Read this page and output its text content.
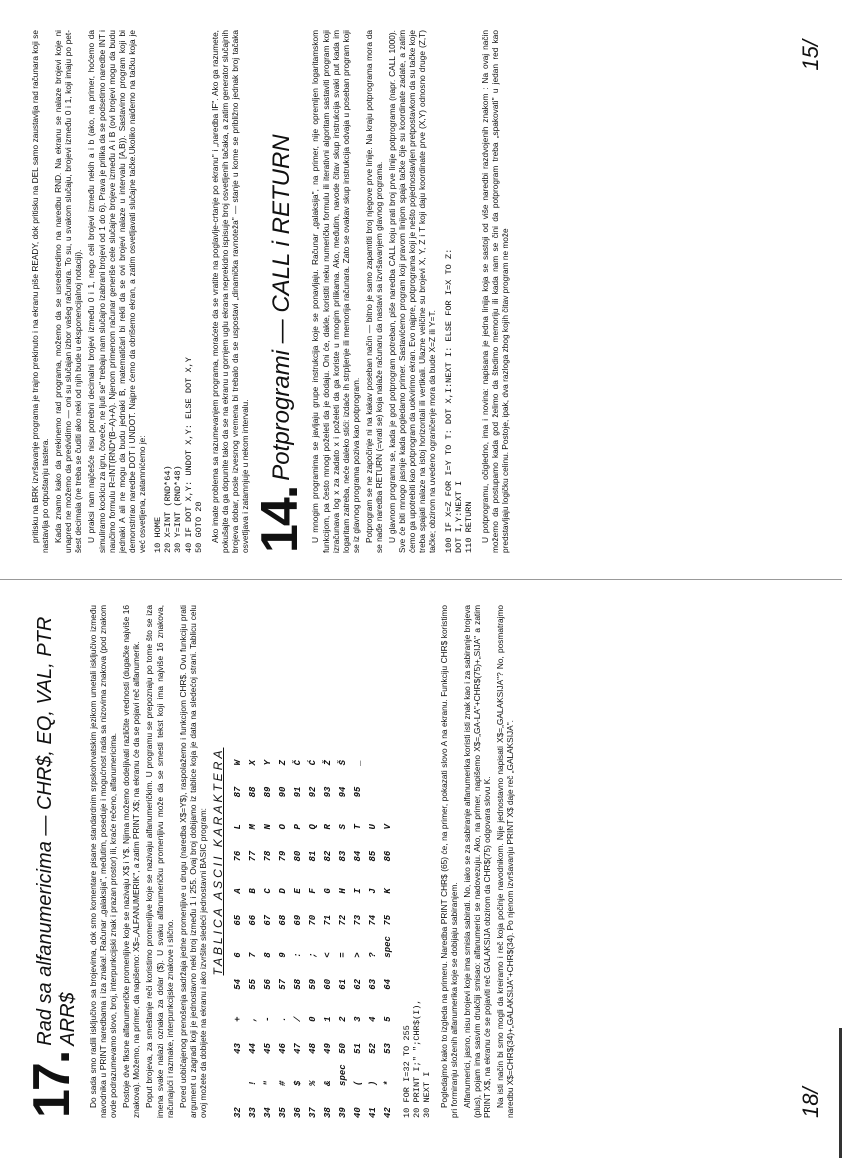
17.
Rad sa alfanumericima — CHR$, EQ, VAL, PTR ARR$ Do sada smo radili isključivo sa brojevima, dok smo komentare pisane standardnim srpskohrvatskim jezikom umetali isključivo između navodnika u PRINT naredbama i iza znaka!. Računar „galaksija", međutim, poseduje i mogućnost rada sa nizovima znakova (pod znakom ovde podrazumevamo slovo, broj, interpunkcijski znak i prazan prostor) ili, kraće rečeno, alfanumericima. Postoje dve fiksne alfanumeričke promenljive koje se nazivaju X$ i Y$. Njima možemo dodeljivati različite vrednosti (dugačke najviše 16 znakova). Možemo, na primer, da napišemo: X$=„ALFANUMERIK", a zatim PRINT X$; na ekranu će da se pojavi reč alfanumerik. Poput brojeva, za smeštanje reči koristimo promenljive koje se nazivaju alfanumeričkim. U programu se prepoznaju po tome što se iza imena svake nalazi oznaka za dolar ($). U svaku alfanumeričku promenljivu može da se smesti tekst koji ima najviše 16 znakova, računajući i razmake, interpunkcijske znakove i slično. Pored uobičajenog prenošenja sadržaja jedne promenljive u drugu (naredba X$=Y$), raspolažemo i funkcijom CHR$. Ovu funkciju prati argument u zagradi koji je jednostavno neki broj između 1 i 255. Ovaj broj dobijamo iz tablice koja je data na sledećoj strani. Tablicu celu ovoj možete da dobijete na ekranu i ako izvršite sledeći jednostavni BASIC program: TABLICA ASCII KARAKTERA
32		43	+	54	6	65	A	76	L	87	W				
33	!	44	,	55	7	66	B	77	M	88	X				
34	"	45	-	56	8	67	C	78	N	89	Y				
35	#	46	.	57	9	68	D	79	O	90	Z				
36	$	47	/	58	:	69	E	80	P	91	Č				
37	%	48	0	59	;	70	F	81	Q	92	Ć				
38	&	49	1	60	<	71	G	82	R	93	Ž				
39	spec	50	2	61	=	72	H	83	S	94	Š				
40	(	51	3	62	>	73	I	84	T	95	_				
41	)	52	4	63	?	74	J	85	U						
42	*	53	5	64	spec	75	K	86	V						
10 FOR I=32 TO 255 20 PRINT I;" ";CHR$(I), 30 NEXT I Pogledajmo kako to izgleda na primeru. Naredba PRINT CHR$ (65) će, na primer, pokazati slovo A na ekranu. Funkciju CHR$ koristimo pri formiranju složenih alfanumerika koje se dobijaju sabiranjem. Alfanumerici, jasno, nisu brojevi koje ima smisla sabirati. No, iako se za sabiranje alfanumerika koristi isti znak kao i za sabiranje brojeva (plus), pojam ima sasvim drukčiji smisao: alfanumerici se nadovezuju. Ako, na primer, napišemo X$=„GA-LA"+CHR$(75)+„SIJA" a zatim PRINT X$, na ekranu će se pojaviti reč GALAKSIJA obzirom da CHR$(75) odgovara slovu K. Na isti način bi smo mogli da kreiramo i reč koja počinje navodnikom. Nije jednostavno napisati X$=„GALAKSIJA"? No, posmatrajmo naredbu X$=CHR$(34)+„GALAKSIJA"+CHR$(34). Po njenom izvršavanju PRINT X$ daje reč „GALAKSIJA".	18/

pritisku na BRK izvršavanje programa je trajno prekinuto i na ekranu piše READY, dok pritisku na DEL samo zaustavlja rad računara koji se nastavlja po otpuštanju tastera. Kada znamo kako da prekinemo rad programa, možemo da se usredsredimo na naredbu RND. Na ekranu se nalaze brojevi koje ni unapred ne možemo da predvidimo — oni su slučajan izbor vašeg računara. To su, u svakom slučaju, brojevi između 0 i 1, koji imaju po pet-šest decimala (ne treba se čuditi ako neki od njih bude u eksponencijalnoj notaciji). U praksi nam najčešće nisu potrebni decimalni brojevi između 0 i 1, nego celi brojevi između nekih a i b (ako, na primer, hoćemo da simuliramo kockicu za igru, čoveče, ne ljuti se" trebaju nam slučajno izabrani brojevi od 1 do 6). Prava je prilika da se podsetimo naredbe INT i naučimo formulu R=INT(RND*(B−A)+A). Njenom primenom računar generiše cele slučajne brojeve između A i B (ovi brojevi mogu da budu jednaki A ali ne mogu da budu jednaki B, matematičari bi rekli da se ovi brojevi nalaze u intervalu [A,B)). Sastavimo program koji bi demonstrirao naredbe DOT i UNDOT. Najpre ćemo da obrišemo ekran, a zatim osvetljavati slučajne tačke.Ukoliko naiđemo na tačku koja je već osvetljena, zatamnićemo je: 10 HOME 20 X=INT (RND*64) 30 Y=INT (RND*48) 40 IF DOT X,Y: UNDOT X,Y: ELSE DOT X,Y 50 GOTO 20 Ako imate problema sa razumevanjem programa, moraćete da se vratite na poglavlje-crtanje po ekranu" i „naredba IF". Ako ga razumete, pokušajte da ga dopunite tako da se na ekranu u gornjem uglu ekrana neprekidno ispisuje broj osvetljenih tačaka, a zatim generator slučajnih brojeva dobar, posle izvesnog vremena bi trebalo da se uspostavi „dinamička ravnoteža" — stanje u kome se približno jednak broj tačaka osvetljava i zatamnjuje u nekom intervalu. 14.
Potprogrami — CALL i RETURN U mnogim programima se javljaju grupe instrukcija koje se ponavljaju. Računar „galaksija", na primer, nije opremljen logaritamskom funkcijom, pa često mnogi poželeti da je dodaju. Oni će, dakle, koristiti neku numeričku formulu ili iterativni algoritam sastaviti program koji izračunava log x za zadato x i poželeti da ga koriste u mnogim prilikama. Ako, međutim, navode čitav skup instrukcija svaki put kada im logaritam zatreba, neće daleko stići: izdaće ih strpljenje ili memorija računara. Zato se ovakav skup instrukcija odvaja u poseban program koji se iz glavnog programa poziva kao potprogram. Potprogram se ne započinje ni na kakav poseban način — bitno je samo zapamtiti broj njegove prve linije. Na kraju potprograma mora da se nađe naredba RETURN (=vrati se) koja nalaže računaru da nastavi sa izvršavanjem glavnog programa. U glavnom programu se, kada je god potprogram potreban, piše naredba CALL koju prati broj prve linije potprograma (napr. CALL 1000). Sve će biti mnogo jasnije kada pogledamo primer. Sastavićemo program koji pravom linijom spaja tačke čije su koordinate zadate, a zatim ćemo ga upotrebiti kao potprogram da uokvirimo ekran. Evo najpre, potprograma koji je nešto pojednostavljen pretpostavkom da su tačke koje treba spajati nalaze na istoj horizontali ili vertikali. Ulazne veličine su brojevi X, Y, Z i T koji daju koordinate prve (X,Y) odnosno druge (Z,T) tačke; obzirom na uvedeno ograničenje mora da bude X=Z ili Y=T. 100 IF X=Z FOR I=Y TO T: DOT X,I:NEXT I: ELSE FOR I=X TO Z: DOT I,Y:NEXT I 110 RETURN U potprogramu, očigledno, ima i novina: napisana je jedna linija koja se sastoji od više naredbi razdvojenih znakom : Na ovaj način možemo da postupamo kada god želimo da štedimo memoriju ili kada nam se čini da potprogram treba „spakovati" u jedan red kao predstavljaju logičku celinu. Postoje, ipak, dva razloga zbog kojih čitav program ne može

15/
